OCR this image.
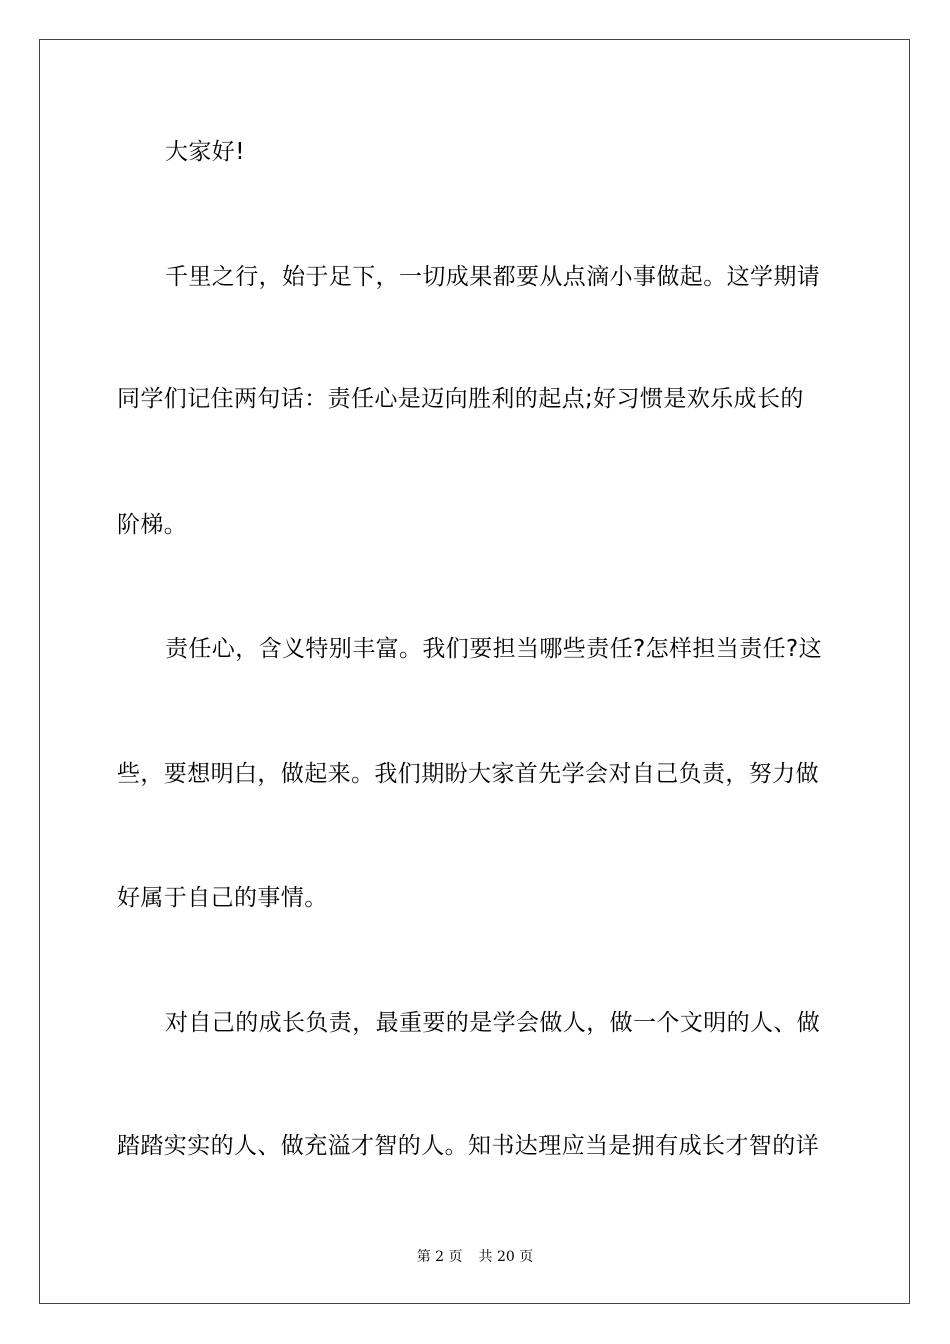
大家好!
千里之行，始于足下，一切成果都要从点滴小事做起。这学期请
同学们记住两句话：责任心是迈向胜利的起点;好习惯是欢乐成长的
阶梯。
责任心，含义特别丰富。我们要担当哪些责任?怎样担当责任?这
些，要想明白，做起来。我们期盼大家首先学会对自己负责，努力做
好属于自己的事情。
对自己的成长负责，最重要的是学会做人，做一个文明的人、做
踏踏实实的人、做充溢才智的人。知书达理应当是拥有成长才智的详
第 2 页 共 20 页
